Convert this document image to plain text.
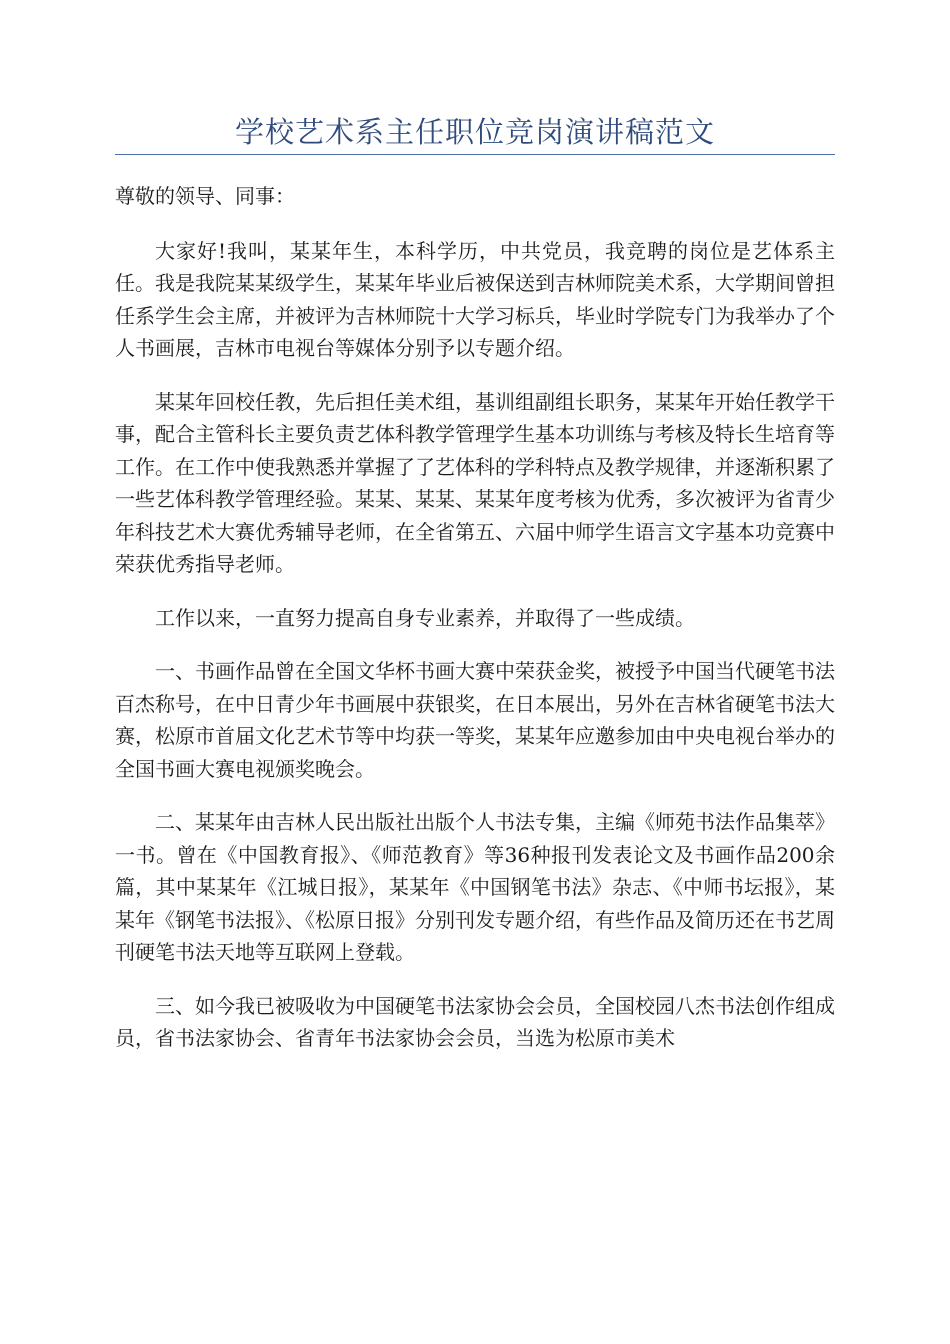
学校艺术系主任职位竞岗演讲稿范文

尊敬的领导、同事：

大家好!我叫，某某年生，本科学历，中共党员，我竞聘的岗位是艺体系主任。我是我院某某级学生，某某年毕业后被保送到吉林师院美术系，大学期间曾担任系学生会主席，并被评为吉林师院十大学习标兵，毕业时学院专门为我举办了个人书画展，吉林市电视台等媒体分别予以专题介绍。

某某年回校任教，先后担任美术组，基训组副组长职务，某某年开始任教学干事，配合主管科长主要负责艺体科教学管理学生基本功训练与考核及特长生培育等工作。在工作中使我熟悉并掌握了了艺体科的学科特点及教学规律，并逐渐积累了一些艺体科教学管理经验。某某、某某、某某年度考核为优秀，多次被评为省青少年科技艺术大赛优秀辅导老师，在全省第五、六届中师学生语言文字基本功竞赛中荣获优秀指导老师。

工作以来，一直努力提高自身专业素养，并取得了一些成绩。

一、书画作品曾在全国文华杯书画大赛中荣获金奖，被授予中国当代硬笔书法百杰称号，在中日青少年书画展中获银奖，在日本展出，另外在吉林省硬笔书法大赛，松原市首届文化艺术节等中均获一等奖，某某年应邀参加由中央电视台举办的全国书画大赛电视颁奖晚会。

二、某某年由吉林人民出版社出版个人书法专集，主编《师苑书法作品集萃》一书。曾在《中国教育报》、《师范教育》等36种报刊发表论文及书画作品200余篇，其中某某年《江城日报》，某某年《中国钢笔书法》杂志、《中师书坛报》，某某年《钢笔书法报》、《松原日报》分别刊发专题介绍，有些作品及简历还在书艺周刊硬笔书法天地等互联网上登载。

三、如今我已被吸收为中国硬笔书法家协会会员，全国校园八杰书法创作组成员，省书法家协会、省青年书法家协会会员，当选为松原市美术
